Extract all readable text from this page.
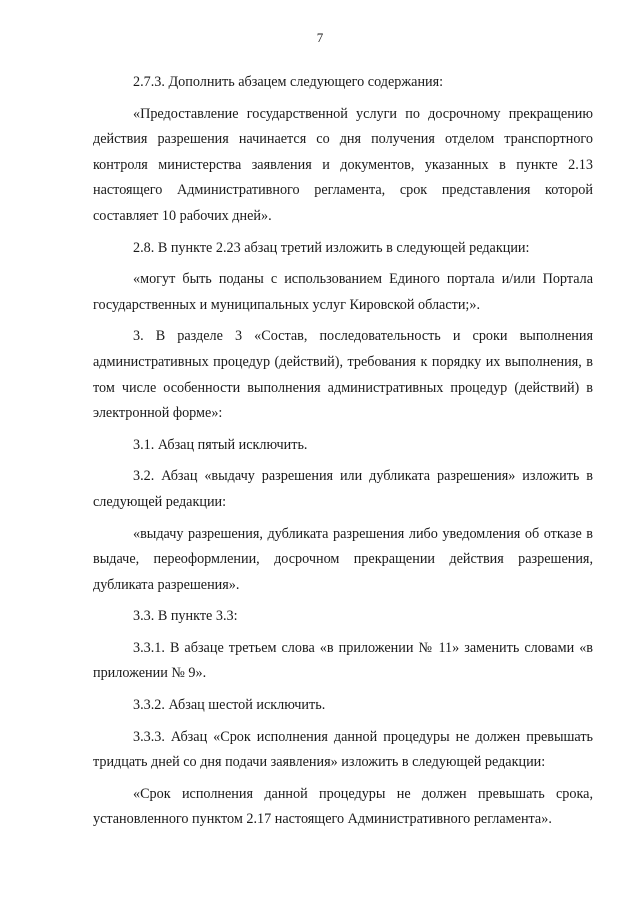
7

2.7.3. Дополнить абзацем следующего содержания:

«Предоставление государственной услуги по досрочному прекращению действия разрешения начинается со дня получения отделом транспортного контроля министерства заявления и документов, указанных в пункте 2.13 настоящего Административного регламента, срок представления которой составляет 10 рабочих дней».

2.8. В пункте 2.23 абзац третий изложить в следующей редакции:

«могут быть поданы с использованием Единого портала и/или Портала государственных и муниципальных услуг Кировской области;».

3. В разделе 3 «Состав, последовательность и сроки выполнения административных процедур (действий), требования к порядку их выполнения, в том числе особенности выполнения административных процедур (действий) в электронной форме»:

3.1. Абзац пятый исключить.

3.2. Абзац «выдачу разрешения или дубликата разрешения» изложить в следующей редакции:

«выдачу разрешения, дубликата разрешения либо уведомления об отказе в выдаче, переоформлении, досрочном прекращении действия разрешения, дубликата разрешения».

3.3. В пункте 3.3:

3.3.1. В абзаце третьем слова «в приложении № 11» заменить словами «в приложении № 9».

3.3.2. Абзац шестой исключить.

3.3.3. Абзац «Срок исполнения данной процедуры не должен превышать тридцать дней со дня подачи заявления» изложить в следующей редакции:

«Срок исполнения данной процедуры не должен превышать срока, установленного пунктом 2.17 настоящего Административного регламента».
